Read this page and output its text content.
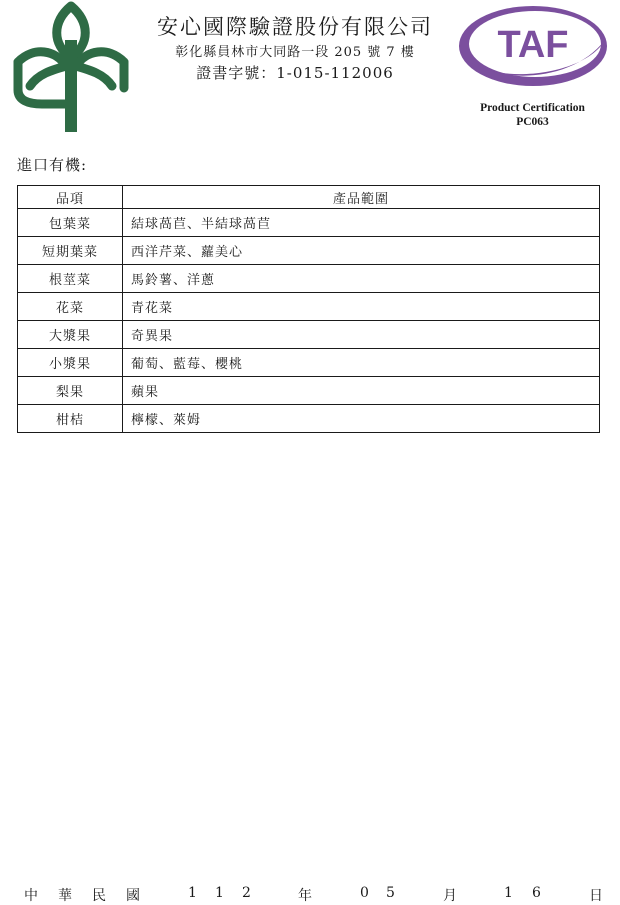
安心國際驗證股份有限公司
彰化縣員林市大同路一段 205 號 7 樓
證書字號：1-015-112006
TAF
Product Certification
PC063
進口有機:
品項	產品範圍
包葉菜	結球萵苣、半結球萵苣
短期葉菜	西洋芹菜、蘿美心
根莖菜	馬鈴薯、洋蔥
花菜	青花菜
大漿果	奇異果
小漿果	葡萄、藍莓、櫻桃
梨果	蘋果
柑桔	檸檬、萊姆
中 華 民 國	1 1 2	年	0 5	月	1 6	日
